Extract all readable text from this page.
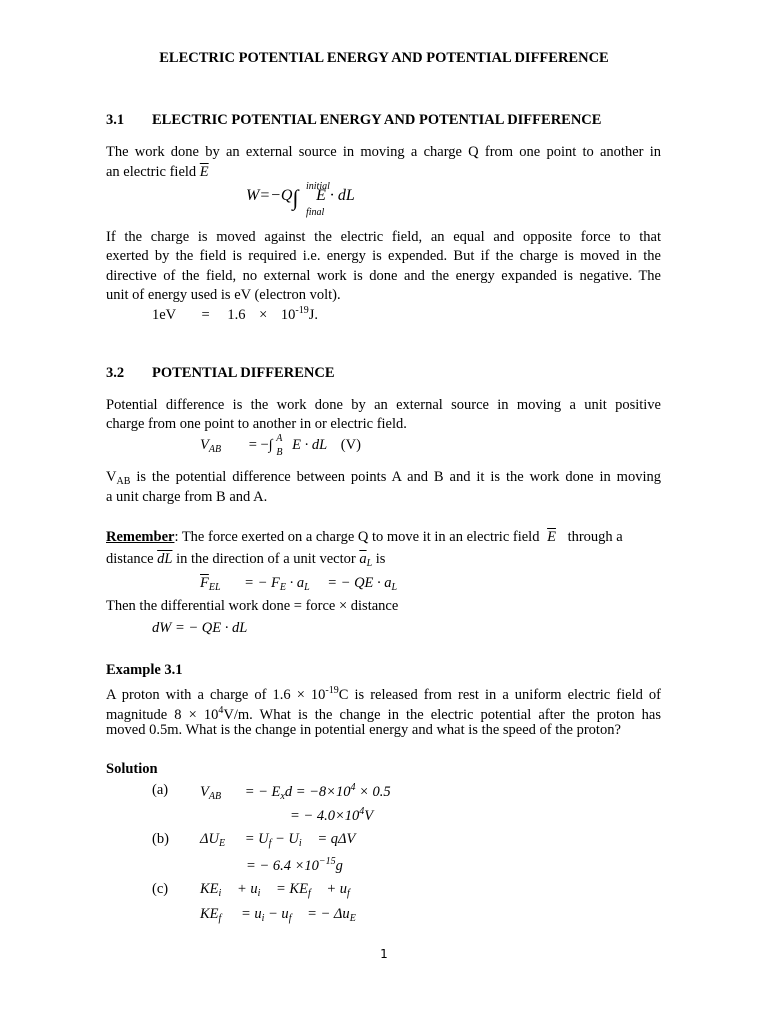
ELECTRIC POTENTIAL ENERGY AND POTENTIAL DIFFERENCE
3.1 ELECTRIC POTENTIAL ENERGY AND POTENTIAL DIFFERENCE
The work done by an external source in moving a charge Q from one point to another in
an electric field $\overline{E}$
W=−Q∫ initial
final
E · dL
If the charge is moved against the electric field, an equal and opposite force to that
exerted by the field is required i.e. energy is expended. But if the charge is moved in the
directive of the field, no external work is done and the energy expanded is negative. The
unit of energy used is eV (electron volt).
$1eV = 1.6 \times 10^{-19}J$.
3.2 POTENTIAL DIFFERENCE
Potential difference is the work done by an external source in moving a unit positive
charge from one point to another in or electric field.
$V_{AB}$ = −∫ $^A_B$ E · dL (V)
$V_{AB}$ is the potential difference between points A and B and it is the work done in moving
a unit charge from B and A.
Remember: The force exerted on a charge Q to move it in an electric field $\overline{E}$ through a
distance $\overline{dL}$ in the direction of a unit vector $\overline{a}_L$ is
$\overline{F}_{EL}$ = − $F_E \cdot a_L$ = − QE · $a_L$
Then the differential work done = force × distance
dW = − QE · dL
Example 3.1
A proton with a charge of $1.6 \times 10^{-19}C$ is released from rest in a uniform electric field of
magnitude $8 \times 10^4V/m$. What is the change in the electric potential after the proton has
moved 0.5m. What is the change in potential energy and what is the speed of the proton?
Solution
(a) $V_{AB}$ = − $E_xd = -8\times 10^4 \times 0.5$
= − $4.0\times 10^4V$
(b) $\Delta U_E = U_f - U_i = q\Delta V$
= − $6.4 \times 10^{-15}g$
(c) $KE_i + u_i = KE_f + u_f$
$KE_f = u_i - u_f$ = − $\Delta u_E$
1
